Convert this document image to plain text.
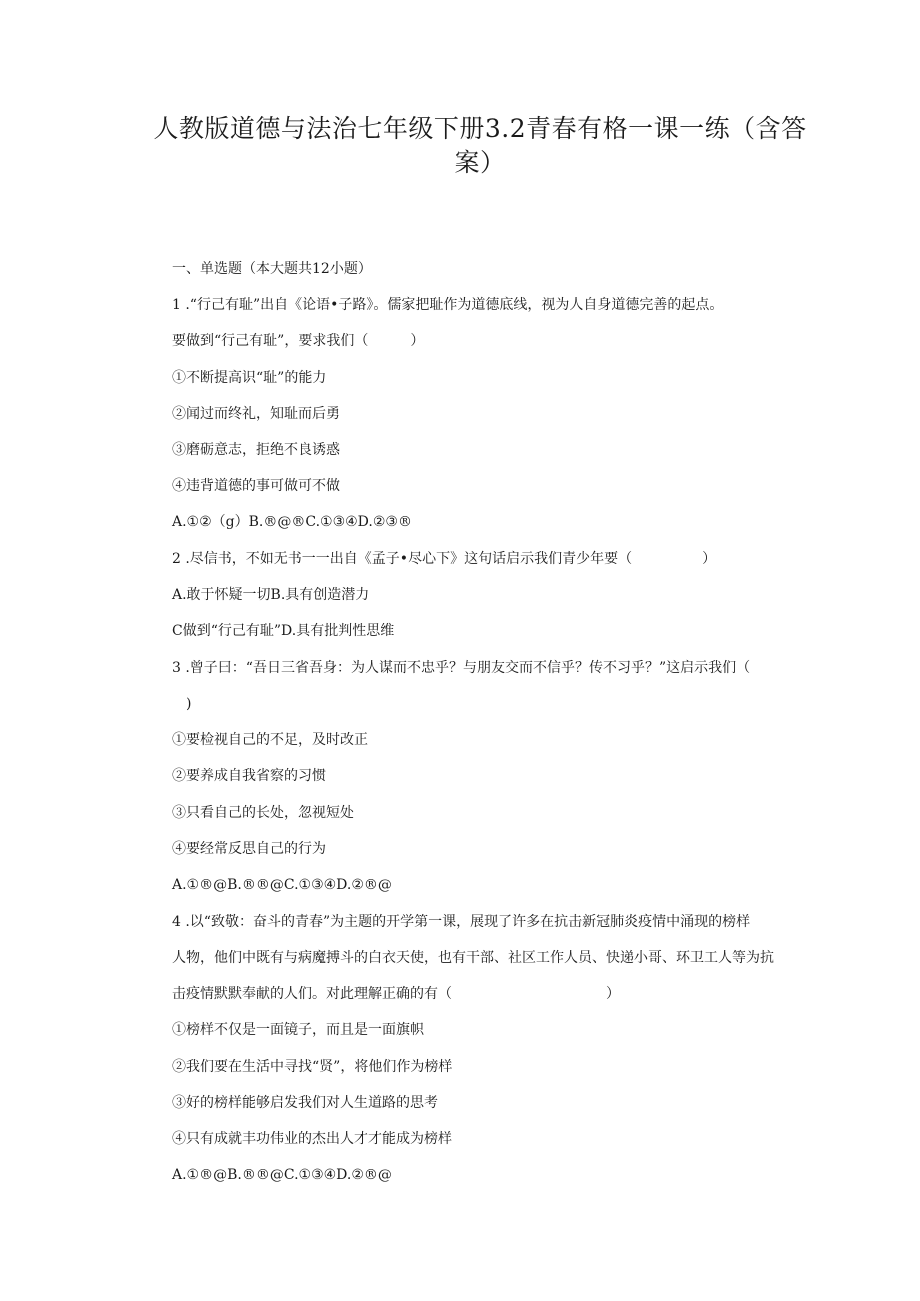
人教版道德与法治七年级下册3.2青春有格一课一练（含答
案）
一、单选题（本大题共12小题）
1 .“行己有耻”出自《论语•子路》。儒家把耻作为道德底线，视为人自身道德完善的起点。
要做到“行己有耻”，要求我们（　　　）
①不断提高识“耻”的能力
②闻过而终礼，知耻而后勇
③磨砺意志，拒绝不良诱惑
④违背道德的事可做可不做
A.①②（g）B.®@®C.①③④D.②③®
2 .尽信书，不如无书一一出自《孟子•尽心下》这句话启示我们青少年要（　　　　　）
A.敢于怀疑一切B.具有创造潜力
C做到“行己有耻”D.具有批判性思维
3 .曾子曰：“吾日三省吾身：为人谋而不忠乎？与朋友交而不信乎？传不习乎？”这启示我们（
　)
①要检视自己的不足，及时改正
②要养成自我省察的习惯
③只看自己的长处，忽视短处
④要经常反思自己的行为
A.①®@B.®®@C.①③④D.②®@
4 .以“致敬：奋斗的青春”为主题的开学第一课，展现了许多在抗击新冠肺炎疫情中涌现的榜样
人物，他们中既有与病魔搏斗的白衣天使，也有干部、社区工作人员、快递小哥、环卫工人等为抗
击疫情默默奉献的人们。对此理解正确的有（　　　　　　　　　　　）
①榜样不仅是一面镜子，而且是一面旗帜
②我们要在生活中寻找“贤”，将他们作为榜样
③好的榜样能够启发我们对人生道路的思考
④只有成就丰功伟业的杰出人才才能成为榜样
A.①®@B.®®@C.①③④D.②®@
